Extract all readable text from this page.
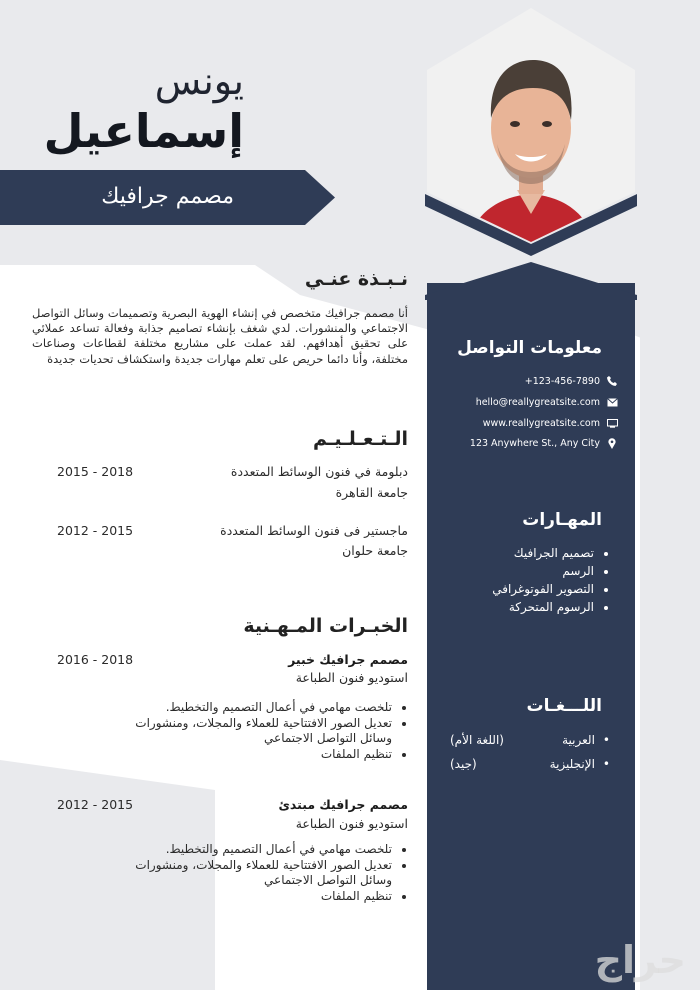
يونس
إسماعيل
مصمم جرافيك
نـبـذة عنـي

أنا مصمم جرافيك متخصص في إنشاء الهوية البصرية وتصميمات وسائل التواصل الاجتماعي والمنشورات. لدي شغف بإنشاء تصاميم جذابة وفعالة تساعد عملائي على تحقيق أهدافهم. لقد عملت على مشاريع مختلفة لقطاعات وصناعات مختلفة، وأنا دائما حريص على تعلم مهارات جديدة واستكشاف تحديات جديدة

الـتـعـلـيـم
دبلومة في فنون الوسائط المتعددة
2015 - 2018
جامعة القاهرة
ماجستير فى فنون الوسائط المتعددة
2012 - 2015
جامعة حلوان
الخبـرات المـهـنية
مصمم جرافيك خبير
2016 - 2018
استوديو فنون الطباعة
• تلخصت مهامي في أعمال التصميم والتخطيط.
• تعديل الصور الافتتاحية للعملاء والمجلات، ومنشورات وسائل التواصل الاجتماعي
• تنظيم الملفات
مصمم جرافيك مبتدئ
2012 - 2015
استوديو فنون الطباعة
• تلخصت مهامي في أعمال التصميم والتخطيط.
• تعديل الصور الافتتاحية للعملاء والمجلات، ومنشورات وسائل التواصل الاجتماعي
• تنظيم الملفات
معلومات التواصل
+123-456-7890
hello@reallygreatsite.com
www.reallygreatsite.com
123 Anywhere St., Any City
المهـارات
• تصميم الجرافيك
• الرسم
• التصوير الفوتوغرافي
• الرسوم المتحركة
اللـــغـات
• العربية
(اللغة الأم)
• الإنجليزية
(جيد)
حراج
